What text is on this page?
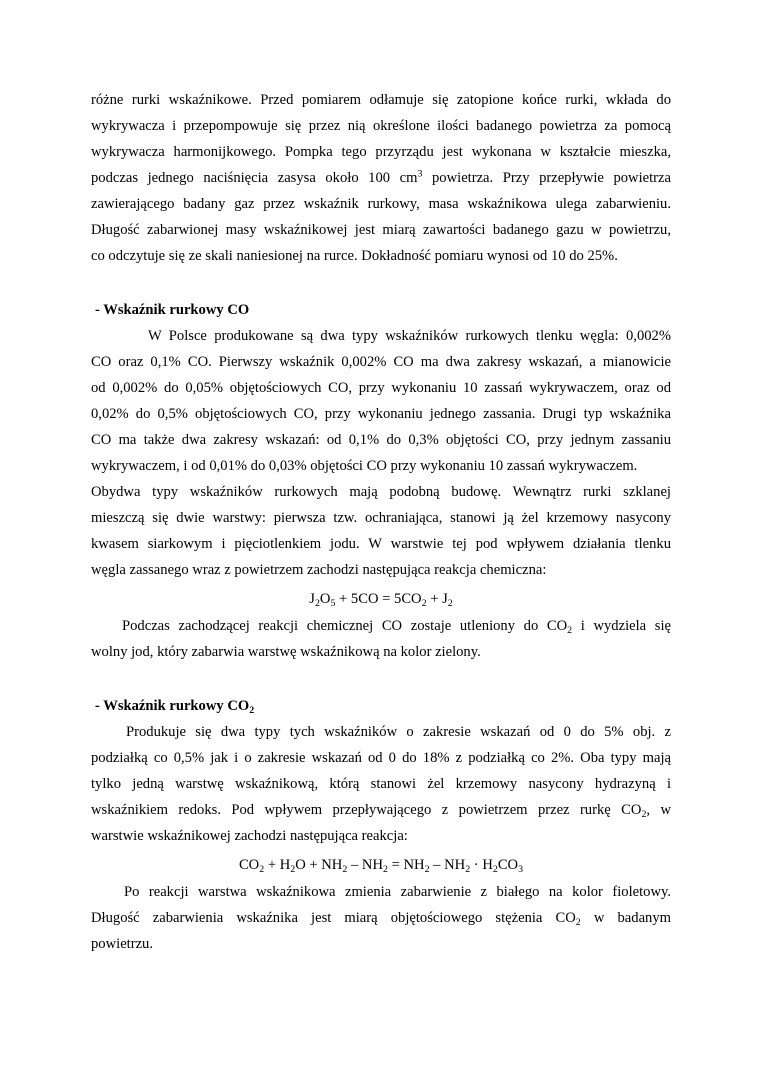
różne rurki wskaźnikowe. Przed pomiarem odłamuje się zatopione końce rurki, wkłada do
wykrywacza i przepompowuje się przez nią określone ilości badanego powietrza za pomocą
wykrywacza harmonijkowego. Pompka tego przyrządu jest wykonana w kształcie mieszka,
podczas jednego naciśnięcia zasysa około 100 $cm^3$ powietrza. Przy przepływie powietrza
zawierającego badany gaz przez wskaźnik rurkowy, masa wskaźnikowa ulega zabarwieniu.
Długość zabarwionej masy wskaźnikowej jest miarą zawartości badanego gazu w powietrzu,
co odczytuje się ze skali naniesionej na rurce. Dokładność pomiaru wynosi od 10 do 25%.
- Wskaźnik rurkowy CO
W Polsce produkowane są dwa typy wskaźników rurkowych tlenku węgla: 0,002%
CO oraz 0,1% CO. Pierwszy wskaźnik 0,002% CO ma dwa zakresy wskazań, a mianowicie
od 0,002% do 0,05% objętościowych CO, przy wykonaniu 10 zassań wykrywaczem, oraz od
0,02% do 0,5% objętościowych CO, przy wykonaniu jednego zassania. Drugi typ wskaźnika
CO ma także dwa zakresy wskazań: od 0,1% do 0,3% objętości CO, przy jednym zassaniu
wykrywaczem, i od 0,01% do 0,03% objętości CO przy wykonaniu 10 zassań wykrywaczem.
Obydwa typy wskaźników rurkowych mają podobną budowę. Wewnątrz rurki szklanej
mieszczą się dwie warstwy: pierwsza tzw. ochraniająca, stanowi ją żel krzemowy nasycony
kwasem siarkowym i pięciotlenkiem jodu. W warstwie tej pod wpływem działania tlenku
węgla zassanego wraz z powietrzem zachodzi następująca reakcja chemiczna:
$J_2O_5 + 5CO = 5CO_2 + J_2$
Podczas zachodzącej reakcji chemicznej CO zostaje utleniony do $CO_2$ i wydziela się
wolny jod, który zabarwia warstwę wskaźnikową na kolor zielony.
- Wskaźnik rurkowy $CO_2$
Produkuje się dwa typy tych wskaźników o zakresie wskazań od 0 do 5% obj. z
podziałką co 0,5% jak i o zakresie wskazań od 0 do 18% z podziałką co 2%. Oba typy mają
tylko jedną warstwę wskaźnikową, którą stanowi żel krzemowy nasycony hydrazyną i
wskaźnikiem redoks. Pod wpływem przepływającego z powietrzem przez rurkę $CO_2$, w
warstwie wskaźnikowej zachodzi następująca reakcja:
$CO_2 + H_2O + NH_2 - NH_2 = NH_2 - NH_2 \cdot H_2CO_3$
Po reakcji warstwa wskaźnikowa zmienia zabarwienie z białego na kolor fioletowy.
Długość zabarwienia wskaźnika jest miarą objętościowego stężenia $CO_2$ w badanym
powietrzu.
